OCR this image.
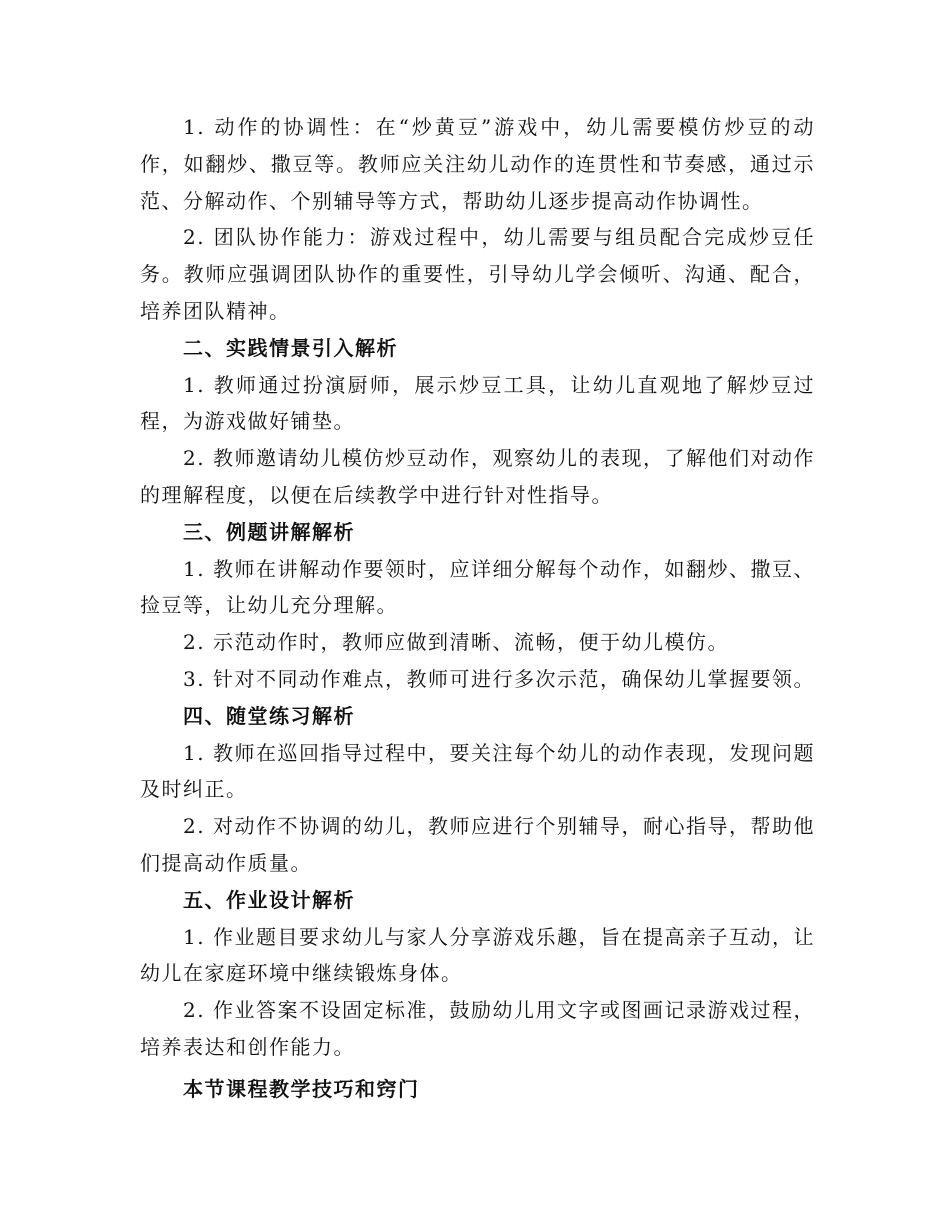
1. 动作的协调性：在“炒黄豆”游戏中，幼儿需要模仿炒豆的动作，如翻炒、撒豆等。教师应关注幼儿动作的连贯性和节奏感，通过示范、分解动作、个别辅导等方式，帮助幼儿逐步提高动作协调性。

2. 团队协作能力：游戏过程中，幼儿需要与组员配合完成炒豆任务。教师应强调团队协作的重要性，引导幼儿学会倾听、沟通、配合，培养团队精神。

二、实践情景引入解析

1. 教师通过扮演厨师，展示炒豆工具，让幼儿直观地了解炒豆过程，为游戏做好铺垫。

2. 教师邀请幼儿模仿炒豆动作，观察幼儿的表现，了解他们对动作的理解程度，以便在后续教学中进行针对性指导。

三、例题讲解解析

1. 教师在讲解动作要领时，应详细分解每个动作，如翻炒、撒豆、捡豆等，让幼儿充分理解。

2. 示范动作时，教师应做到清晰、流畅，便于幼儿模仿。

3. 针对不同动作难点，教师可进行多次示范，确保幼儿掌握要领。

四、随堂练习解析

1. 教师在巡回指导过程中，要关注每个幼儿的动作表现，发现问题及时纠正。

2. 对动作不协调的幼儿，教师应进行个别辅导，耐心指导，帮助他们提高动作质量。

五、作业设计解析

1. 作业题目要求幼儿与家人分享游戏乐趣，旨在提高亲子互动，让幼儿在家庭环境中继续锻炼身体。

2. 作业答案不设固定标准，鼓励幼儿用文字或图画记录游戏过程，培养表达和创作能力。

本节课程教学技巧和窍门
